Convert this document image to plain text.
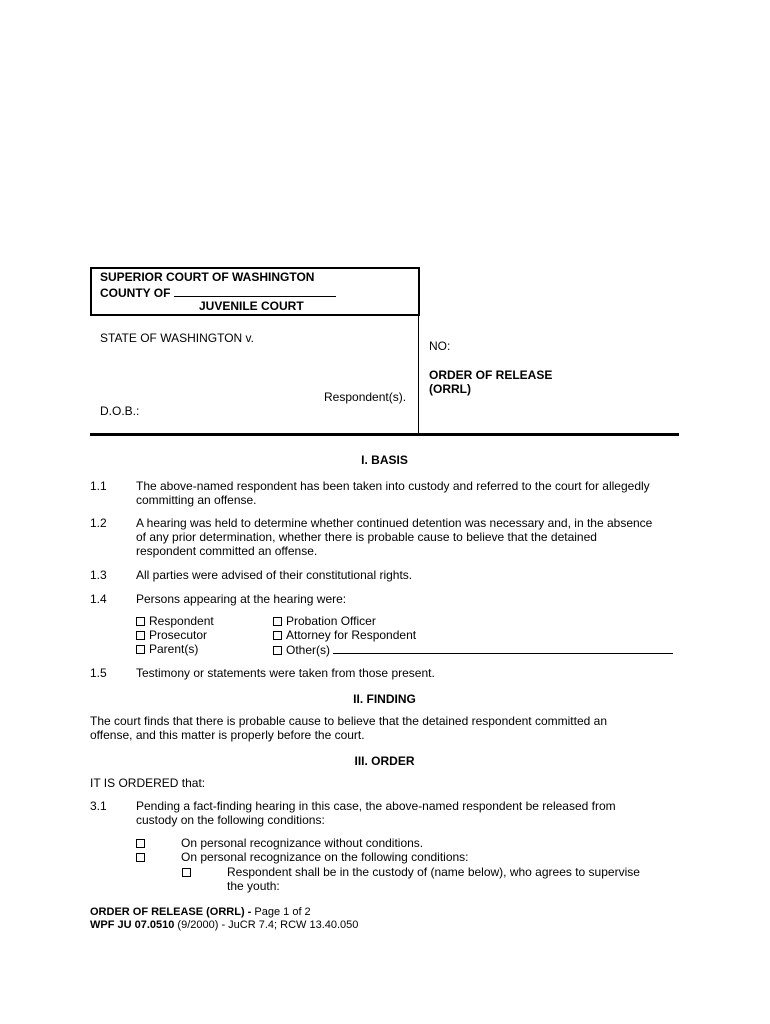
SUPERIOR COURT OF WASHINGTON
COUNTY OF
JUVENILE COURT
STATE OF WASHINGTON v.
Respondent(s).
D.O.B.:
NO:
ORDER OF RELEASE
(ORRL)
I. BASIS
1.1 The above-named respondent has been taken into custody and referred to the court for allegedly
committing an offense.
1.2 A hearing was held to determine whether continued detention was necessary and, in the absence
of any prior determination, whether there is probable cause to believe that the detained
respondent committed an offense.
1.3 All parties were advised of their constitutional rights.
1.4 Persons appearing at the hearing were:
Respondent
Prosecutor
Parent(s)
Probation Officer
Attorney for Respondent
Other(s)
1.5 Testimony or statements were taken from those present.
II. FINDING
The court finds that there is probable cause to believe that the detained respondent committed an
offense, and this matter is properly before the court.
III. ORDER
IT IS ORDERED that:
3.1 Pending a fact-finding hearing in this case, the above-named respondent be released from
custody on the following conditions:
On personal recognizance without conditions.
On personal recognizance on the following conditions:
Respondent shall be in the custody of (name below), who agrees to supervise
the youth:
ORDER OF RELEASE (ORRL) - Page 1 of 2
WPF JU 07.0510 (9/2000) - JuCR 7.4; RCW 13.40.050
